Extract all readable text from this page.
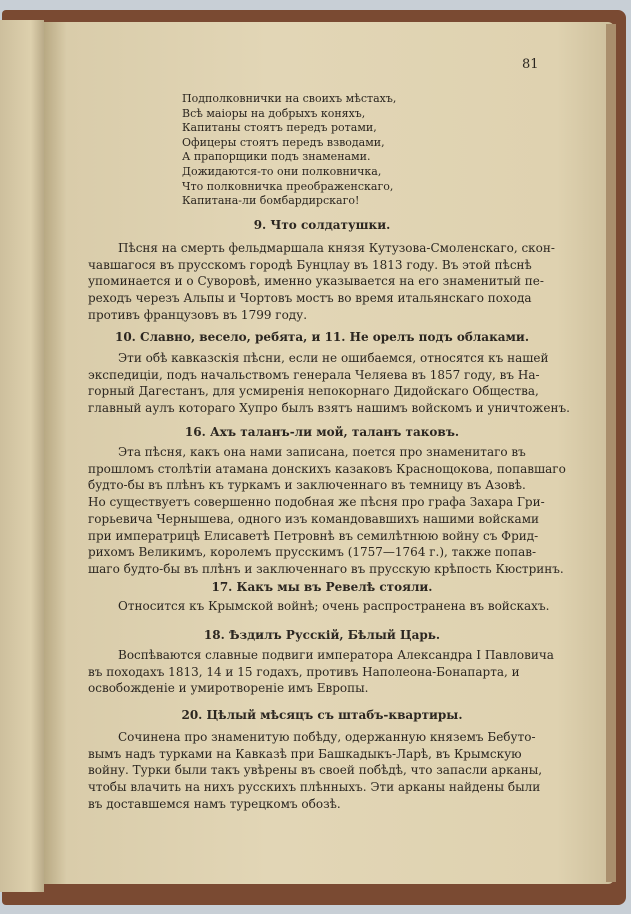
81
Подполковнички на своихъ мѣстахъ,
Всѣ маіоры на добрыхъ коняхъ,
Капитаны стоятъ передъ ротами,
Офицеры стоятъ передъ взводами,
А прапорщики подъ знаменами.
Дожидаются-то они полковничка,
Что полковничка преображенскаго,
Капитана-ли бомбардирскаго!
9. Что солдатушки.
Пѣсня на смерть фельдмаршала князя Кутузова-Смоленскаго, скон-
чавшагося въ прусскомъ городѣ Бунцлау въ 1813 году. Въ этой пѣснѣ
упоминается и о Суворовѣ, именно указывается на его знаменитый пе-
реходъ черезъ Альпы и Чортовъ мостъ во время итальянскаго похода
противъ французовъ въ 1799 году.
10. Славно, весело, ребята, и 11. Не орелъ подъ облаками.
Эти обѣ кавказскія пѣсни, если не ошибаемся, относятся къ нашей
экспедиціи, подъ начальствомъ генерала Челяева въ 1857 году, въ На-
горный Дагестанъ, для усмиренія непокорнаго Дидойскаго Общества,
главный аулъ котораго Хупро былъ взятъ нашимъ войскомъ и уничтоженъ.
16. Ахъ таланъ-ли мой, таланъ таковъ.
Эта пѣсня, какъ она нами записана, поется про знаменитаго въ
прошломъ столѣтіи атамана донскихъ казаковъ Краснощокова, попавшаго
будто-бы въ плѣнъ къ туркамъ и заключеннаго въ темницу въ Азовѣ.
Но существуетъ совершенно подобная же пѣсня про графа Захара Гри-
горьевича Чернышева, одного изъ командовавшихъ нашими войсками
при императрицѣ Елисаветѣ Петровнѣ въ семилѣтнюю войну съ Фрид-
рихомъ Великимъ, королемъ прусскимъ (1757—1764 г.), также попав-
шаго будто-бы въ плѣнъ и заключеннаго въ прусскую крѣпость Кюстринъ.
17. Какъ мы въ Ревелѣ стояли.
Относится къ Крымской войнѣ; очень распространена въ войскахъ.
18. Ѣздилъ Русскій, Бѣлый Царь.
Воспѣваются славные подвиги императора Александра I Павловича
въ походахъ 1813, 14 и 15 годахъ, противъ Наполеона-Бонапарта, и
освобожденіе и умиротвореніе имъ Европы.
20. Цѣлый мѣсяцъ съ штабъ-квартиры.
Сочинена про знаменитую побѣду, одержанную княземъ Бебуто-
вымъ надъ турками на Кавказѣ при Башкадыкъ-Ларѣ, въ Крымскую
войну. Турки были такъ увѣрены въ своей побѣдѣ, что запасли арканы,
чтобы влачить на нихъ русскихъ плѣнныхъ. Эти арканы найдены были
въ доставшемся намъ турецкомъ обозѣ.
